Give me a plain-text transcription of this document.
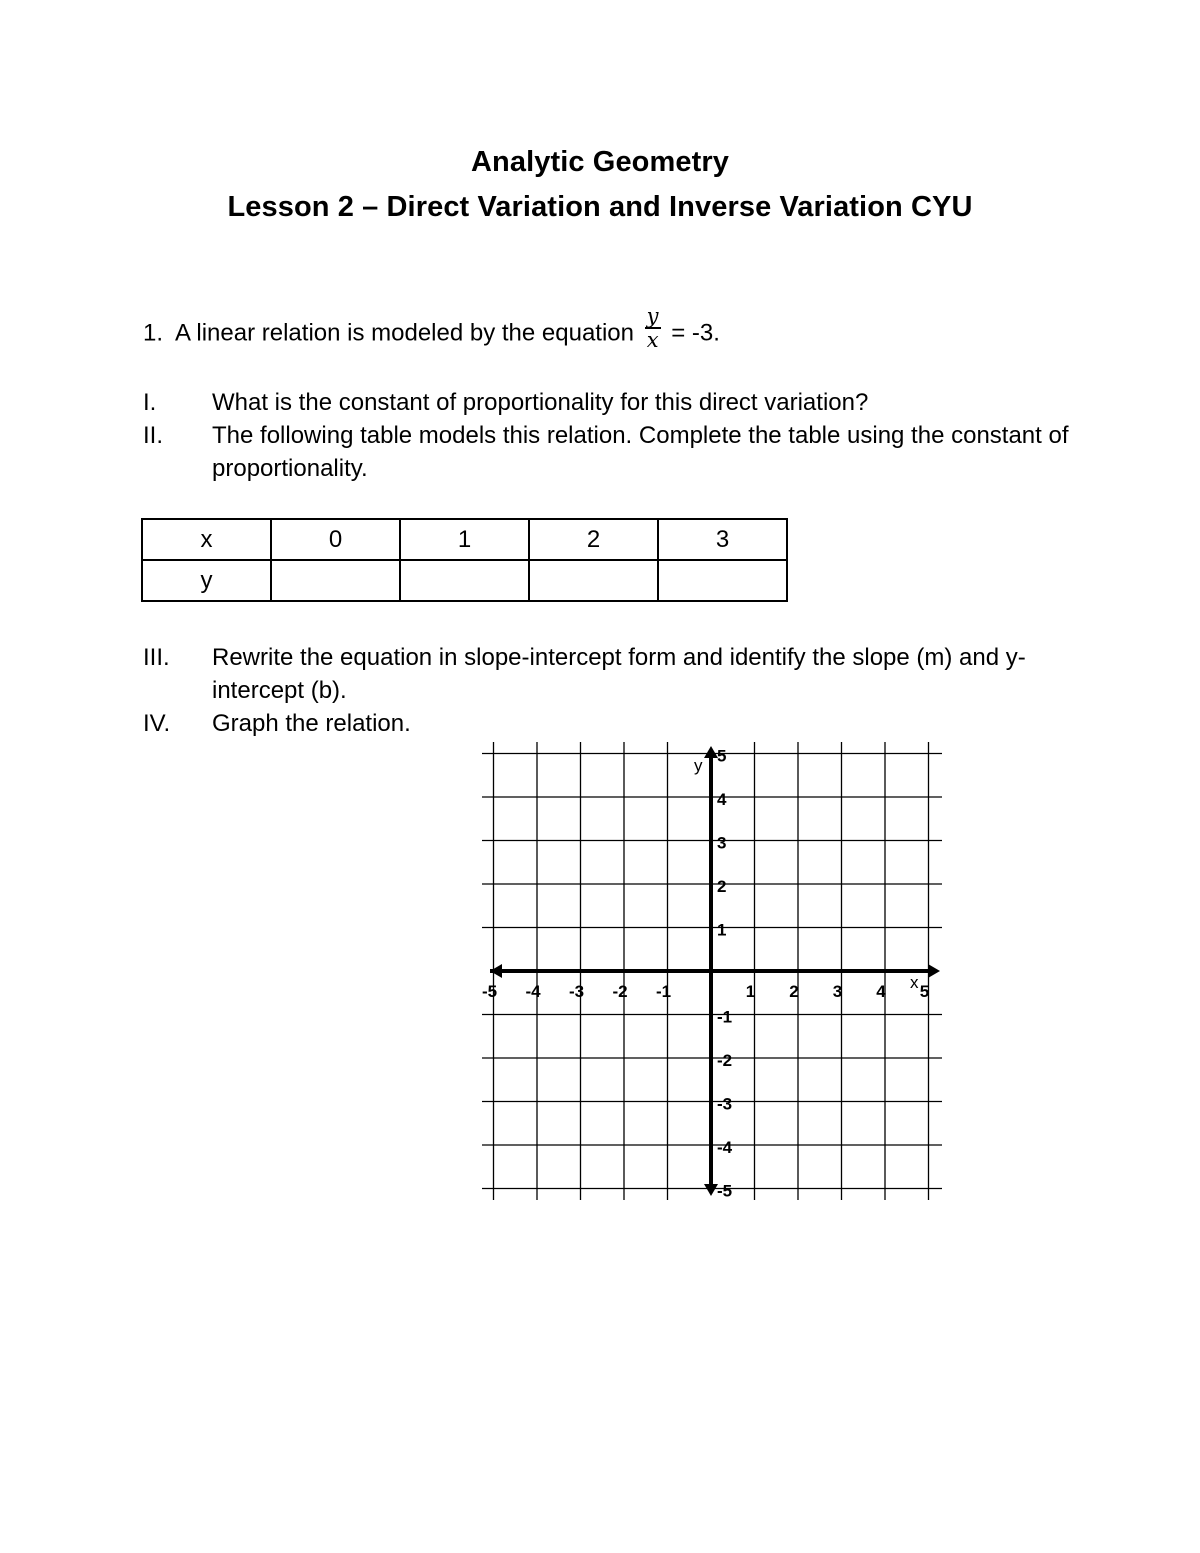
Analytic Geometry
Lesson 2 – Direct Variation and Inverse Variation CYU
1. A linear relation is modeled by the equation $\frac{y}{x} = -3$.
I.	What is the constant of proportionality for this direct variation?
II.	The following table models this relation. Complete the table using the constant of proportionality.
x	0	1	2	3
y				
III.	Rewrite the equation in slope-intercept form and identify the slope (m) and y-intercept (b).
IV.	Graph the relation.
x
y
-5 -4 -3 -2 -1	1 2 3 4 5
5
4
3
2
1
-1
-2
-3
-4
-5
